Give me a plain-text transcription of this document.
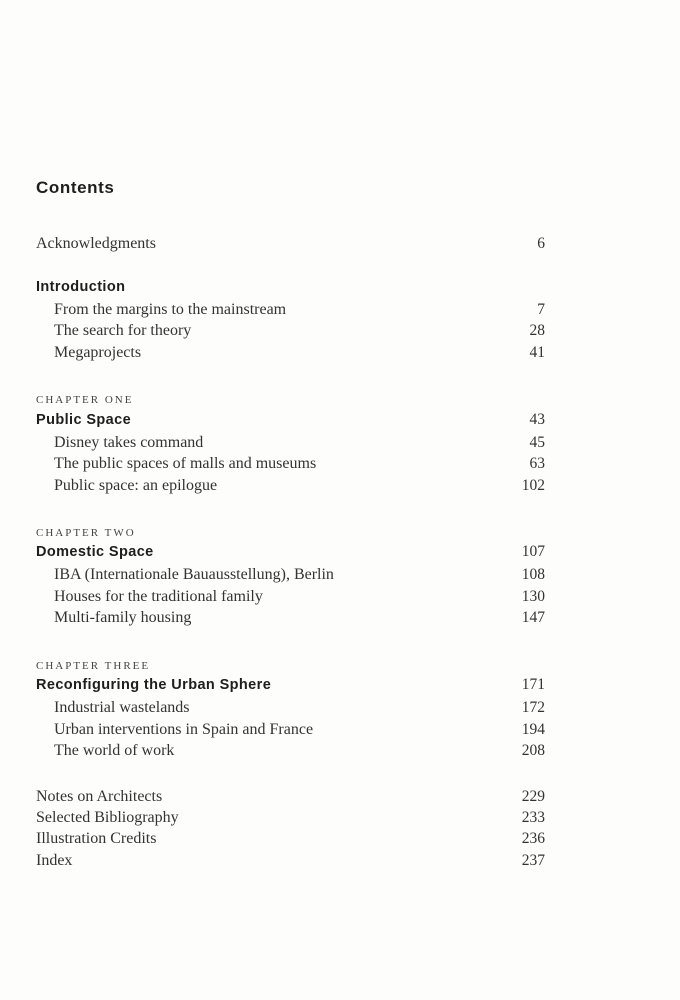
Contents
Acknowledgments	6
Introduction
From the margins to the mainstream	7
The search for theory	28
Megaprojects	41
CHAPTER ONE
Public Space	43
Disney takes command	45
The public spaces of malls and museums	63
Public space: an epilogue	102
CHAPTER TWO
Domestic Space	107
IBA (Internationale Bauausstellung), Berlin	108
Houses for the traditional family	130
Multi-family housing	147
CHAPTER THREE
Reconfiguring the Urban Sphere	171
Industrial wastelands	172
Urban interventions in Spain and France	194
The world of work	208
Notes on Architects	229
Selected Bibliography	233
Illustration Credits	236
Index	237
